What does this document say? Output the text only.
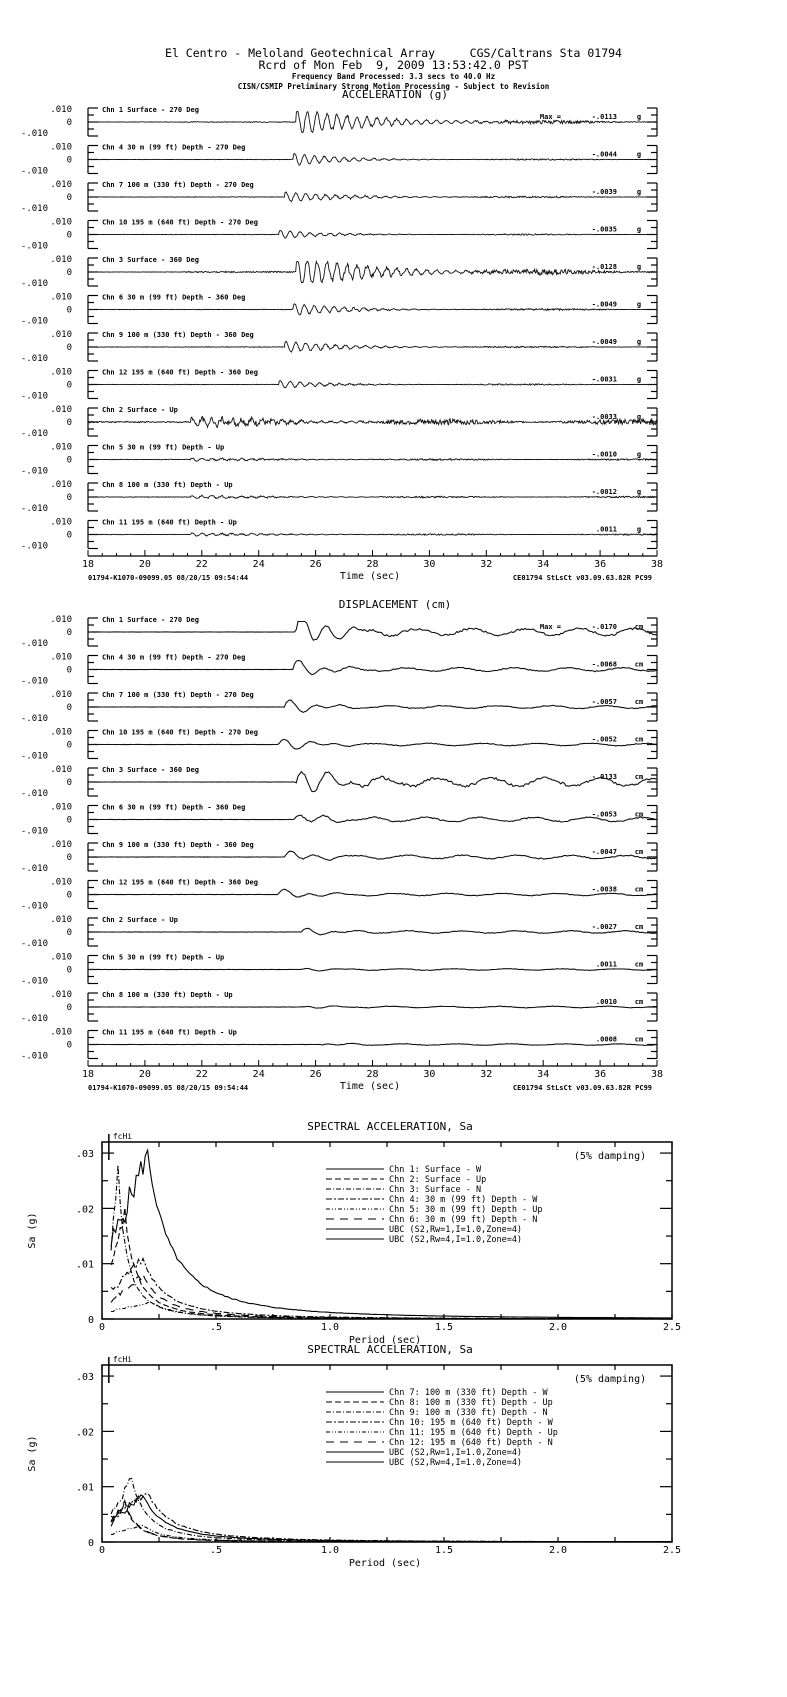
El Centro - Meloland Geotechnical Array     CGS/Caltrans Sta 01794
Rcrd of Mon Feb  9, 2009 13:53:42.0 PST
Frequency Band Processed: 3.3 secs to 40.0 Hz
CISN/CSMIP Preliminary Strong Motion Processing - Subject to Revision
ACCELERATION (g)
.010
0
-.010
Chn 1 Surface - 270 Deg
Max =	-.0113	g
.010
0
-.010
Chn 4 30 m (99 ft) Depth - 270 Deg
-.0044	g
.010
0
-.010
Chn 7 100 m (330 ft) Depth - 270 Deg
-.0039	g
.010
0
-.010
Chn 10 195 m (640 ft) Depth - 270 Deg
-.0035	g
.010
0
-.010
Chn 3 Surface - 360 Deg
-.0128	g
.010
0
-.010
Chn 6 30 m (99 ft) Depth - 360 Deg
-.0049	g
.010
0
-.010
Chn 9 100 m (330 ft) Depth - 360 Deg
-.0049	g
.010
0
-.010
Chn 12 195 m (640 ft) Depth - 360 Deg
-.0031	g
.010
0
-.010
Chn 2 Surface - Up
-.0033	g
.010
0
-.010
Chn 5 30 m (99 ft) Depth - Up
-.0010	g
.010
0
-.010
Chn 8 100 m (330 ft) Depth - Up
-.0012	g
.010
0
-.010
Chn 11 195 m (640 ft) Depth - Up
.0011	g
18	20	22	24	26	28	30	32	34	36	38
Time (sec)
01794-K1070-09099.05 08/20/15 09:54:44	CE01794 StLsCt v03.09.63.82R PC99
DISPLACEMENT (cm)
.010
0
-.010
Chn 1 Surface - 270 Deg
Max =	-.0170	cm
.010
0
-.010
Chn 4 30 m (99 ft) Depth - 270 Deg
-.0068	cm
.010
0
-.010
Chn 7 100 m (330 ft) Depth - 270 Deg
-.0057	cm
.010
0
-.010
Chn 10 195 m (640 ft) Depth - 270 Deg
-.0052	cm
.010
0
-.010
Chn 3 Surface - 360 Deg
-.0133	cm
.010
0
-.010
Chn 6 30 m (99 ft) Depth - 360 Deg
-.0053	cm
.010
0
-.010
Chn 9 100 m (330 ft) Depth - 360 Deg
-.0047	cm
.010
0
-.010
Chn 12 195 m (640 ft) Depth - 360 Deg
-.0038	cm
.010
0
-.010
Chn 2 Surface - Up
-.0027	cm
.010
0
-.010
Chn 5 30 m (99 ft) Depth - Up
.0011	cm
.010
0
-.010
Chn 8 100 m (330 ft) Depth - Up
.0010	cm
.010
0
-.010
Chn 11 195 m (640 ft) Depth - Up
.0008	cm
18	20	22	24	26	28	30	32	34	36	38
Time (sec)
01794-K1070-09099.05 08/20/15 09:54:44	CE01794 StLsCt v03.09.63.82R PC99
SPECTRAL ACCELERATION, Sa
fcHi
0
.01
.02
.03
0	.5	1.0	1.5	2.0	2.5
Period (sec)
Sa (g)
(5% damping)
Chn 1: Surface - W
Chn 2: Surface - Up
Chn 3: Surface - N
Chn 4: 30 m (99 ft) Depth - W
Chn 5: 30 m (99 ft) Depth - Up
Chn 6: 30 m (99 ft) Depth - N
UBC (S2,Rw=1,I=1.0,Zone=4)
UBC (S2,Rw=4,I=1.0,Zone=4)
SPECTRAL ACCELERATION, Sa
fcHi
0
.01
.02
.03
0	.5	1.0	1.5	2.0	2.5
Period (sec)
Sa (g)
(5% damping)
Chn 7: 100 m (330 ft) Depth - W
Chn 8: 100 m (330 ft) Depth - Up
Chn 9: 100 m (330 ft) Depth - N
Chn 10: 195 m (640 ft) Depth - W
Chn 11: 195 m (640 ft) Depth - Up
Chn 12: 195 m (640 ft) Depth - N
UBC (S2,Rw=1,I=1.0,Zone=4)
UBC (S2,Rw=4,I=1.0,Zone=4)
